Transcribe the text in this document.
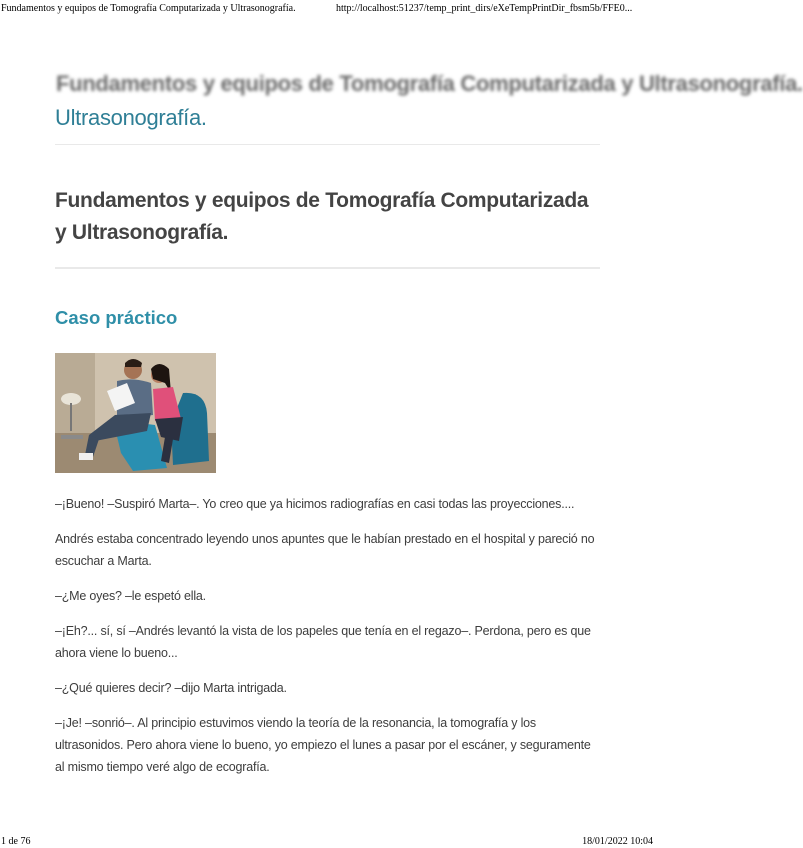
Fundamentos y equipos de Tomografía Computarizada y Ultrasonografía.	http://localhost:51237/temp_print_dirs/eXeTempPrintDir_fbsm5b/FFE0...
Fundamentos y equipos de Tomografía Computarizada y Ultrasonografía.

Ultrasonografía.
Fundamentos y equipos de Tomografía Computarizada y Ultrasonografía.
Caso práctico

–¡Bueno! –Suspiró Marta–. Yo creo que ya hicimos radiografías en casi todas las proyecciones....

Andrés estaba concentrado leyendo unos apuntes que le habían prestado en el hospital y pareció no escuchar a Marta.

–¿Me oyes? –le espetó ella.

–¡Eh?... sí, sí –Andrés levantó la vista de los papeles que tenía en el regazo–. Perdona, pero es que ahora viene lo bueno...

–¿Qué quieres decir? –dijo Marta intrigada.

–¡Je! –sonrió–. Al principio estuvimos viendo la teoría de la resonancia, la tomografía y los ultrasonidos. Pero ahora viene lo bueno, yo empiezo el lunes a pasar por el escáner, y seguramente al mismo tiempo veré algo de ecografía.

1 de 76	18/01/2022 10:04
